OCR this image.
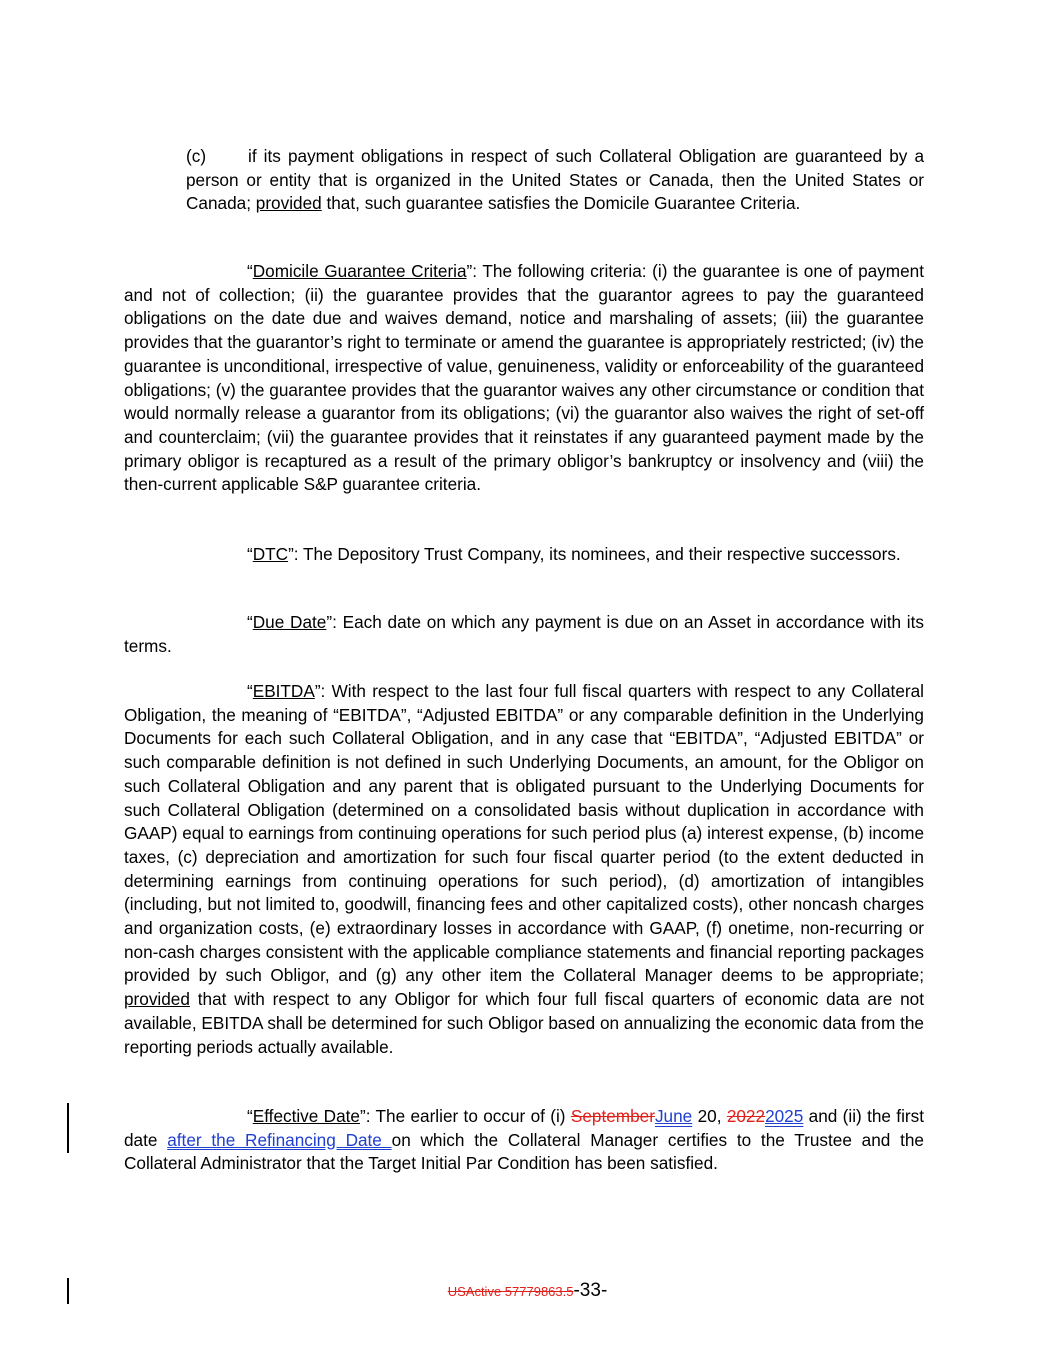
(c) if its payment obligations in respect of such Collateral Obligation are guaranteed by a person or entity that is organized in the United States or Canada, then the United States or Canada; provided that, such guarantee satisfies the Domicile Guarantee Criteria.
“Domicile Guarantee Criteria”: The following criteria: (i) the guarantee is one of payment and not of collection; (ii) the guarantee provides that the guarantor agrees to pay the guaranteed obligations on the date due and waives demand, notice and marshaling of assets; (iii) the guarantee provides that the guarantor’s right to terminate or amend the guarantee is appropriately restricted; (iv) the guarantee is unconditional, irrespective of value, genuineness, validity or enforceability of the guaranteed obligations; (v) the guarantee provides that the guarantor waives any other circumstance or condition that would normally release a guarantor from its obligations; (vi) the guarantor also waives the right of set-off and counterclaim; (vii) the guarantee provides that it reinstates if any guaranteed payment made by the primary obligor is recaptured as a result of the primary obligor’s bankruptcy or insolvency and (viii) the then-current applicable S&P guarantee criteria.
“DTC”: The Depository Trust Company, its nominees, and their respective successors.
“Due Date”: Each date on which any payment is due on an Asset in accordance with its terms.
“EBITDA”: With respect to the last four full fiscal quarters with respect to any Collateral Obligation, the meaning of “EBITDA”, “Adjusted EBITDA” or any comparable definition in the Underlying Documents for each such Collateral Obligation, and in any case that “EBITDA”, “Adjusted EBITDA” or such comparable definition is not defined in such Underlying Documents, an amount, for the Obligor on such Collateral Obligation and any parent that is obligated pursuant to the Underlying Documents for such Collateral Obligation (determined on a consolidated basis without duplication in accordance with GAAP) equal to earnings from continuing operations for such period plus (a) interest expense, (b) income taxes, (c) depreciation and amortization for such four fiscal quarter period (to the extent deducted in determining earnings from continuing operations for such period), (d) amortization of intangibles (including, but not limited to, goodwill, financing fees and other capitalized costs), other noncash charges and organization costs, (e) extraordinary losses in accordance with GAAP, (f) onetime, non-recurring or non-cash charges consistent with the applicable compliance statements and financial reporting packages provided by such Obligor, and (g) any other item the Collateral Manager deems to be appropriate; provided that with respect to any Obligor for which four full fiscal quarters of economic data are not available, EBITDA shall be determined for such Obligor based on annualizing the economic data from the reporting periods actually available.
“Effective Date”: The earlier to occur of (i) SeptemberJune 20, 20222025 and (ii) the first date after the Refinancing Date on which the Collateral Manager certifies to the Trustee and the Collateral Administrator that the Target Initial Par Condition has been satisfied.
USActive 57779863.5-33-
